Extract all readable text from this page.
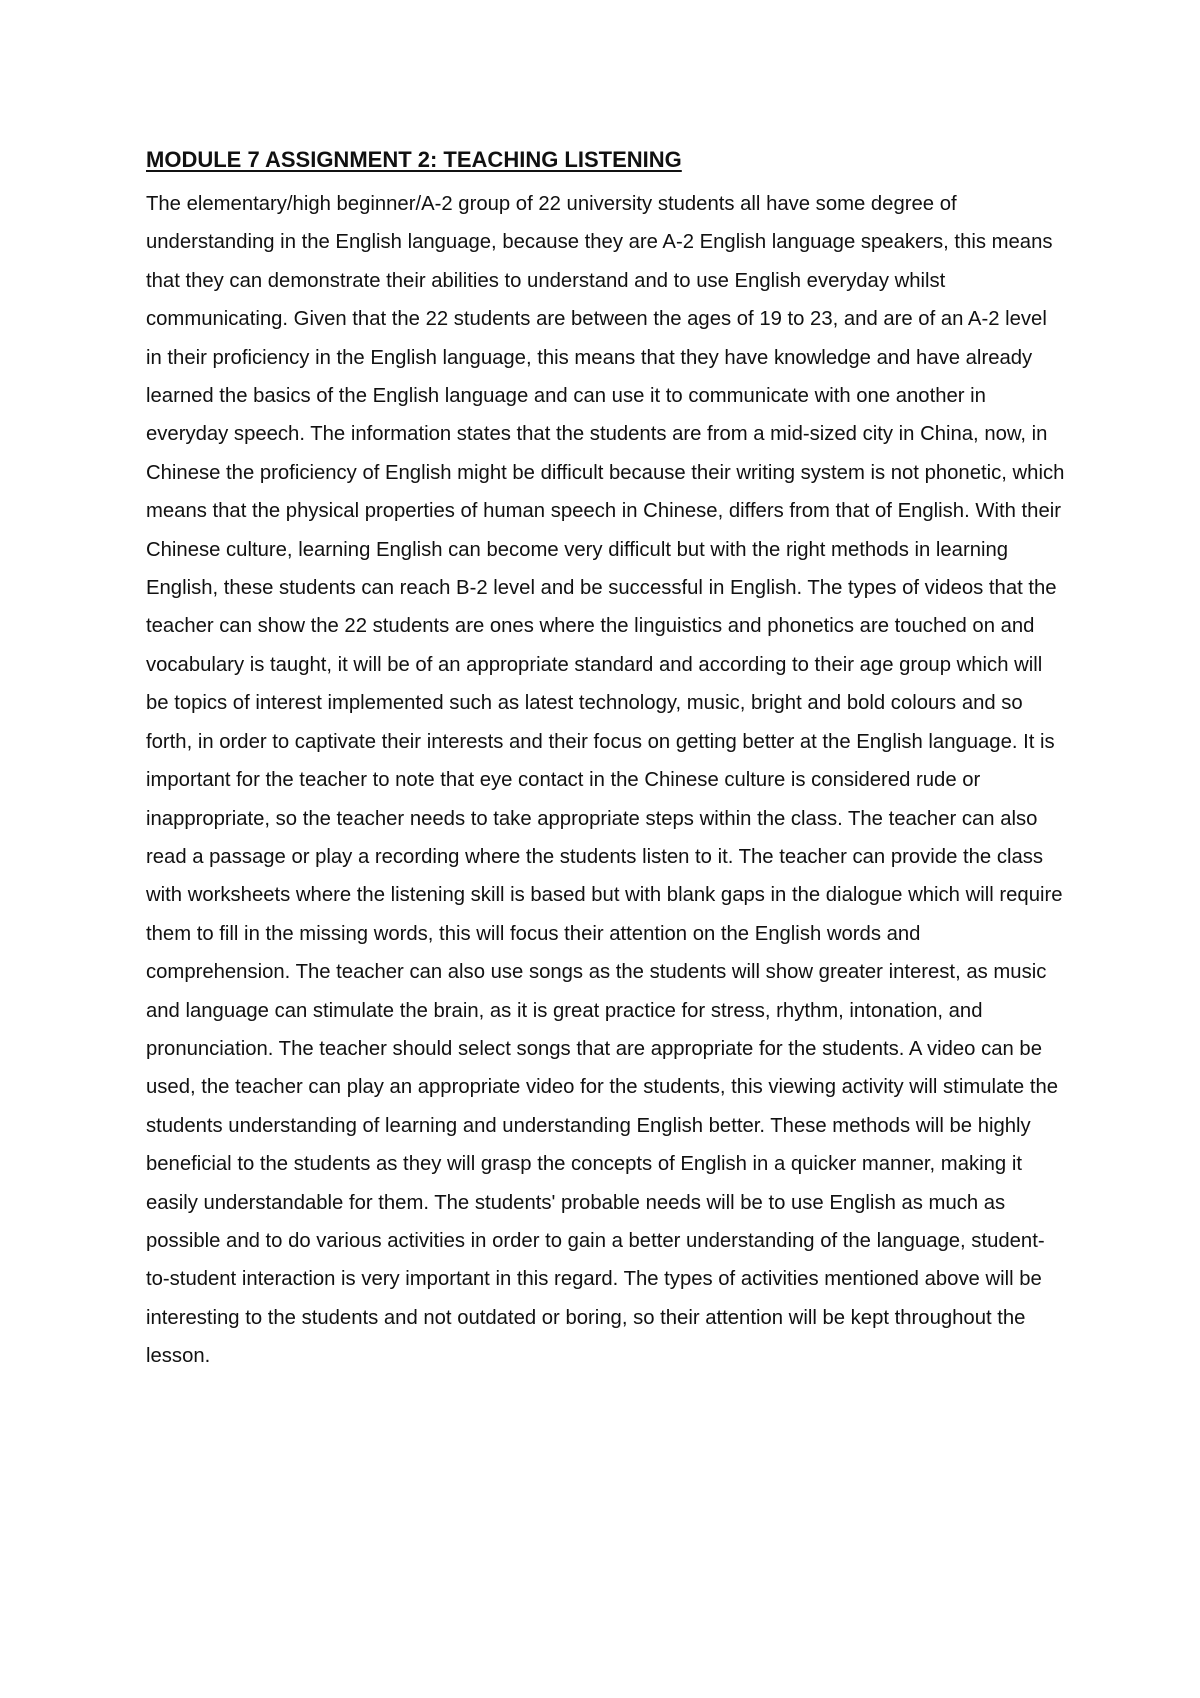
MODULE 7 ASSIGNMENT 2: TEACHING LISTENING

The elementary/high beginner/A-2 group of 22 university students all have some degree of understanding in the English language, because they are A-2 English language speakers, this means that they can demonstrate their abilities to understand and to use English everyday whilst communicating. Given that the 22 students are between the ages of 19 to 23, and are of an A-2 level in their proficiency in the English language, this means that they have knowledge and have already learned the basics of the English language and can use it to communicate with one another in everyday speech. The information states that the students are from a mid-sized city in China, now, in Chinese the proficiency of English might be difficult because their writing system is not phonetic, which means that the physical properties of human speech in Chinese, differs from that of English. With their Chinese culture, learning English can become very difficult but with the right methods in learning English, these students can reach B-2 level and be successful in English. The types of videos that the teacher can show the 22 students are ones where the linguistics and phonetics are touched on and vocabulary is taught, it will be of an appropriate standard and according to their age group which will be topics of interest implemented such as latest technology, music, bright and bold colours and so forth, in order to captivate their interests and their focus on getting better at the English language. It is important for the teacher to note that eye contact in the Chinese culture is considered rude or inappropriate, so the teacher needs to take appropriate steps within the class. The teacher can also read a passage or play a recording where the students listen to it. The teacher can provide the class with worksheets where the listening skill is based but with blank gaps in the dialogue which will require them to fill in the missing words, this will focus their attention on the English words and comprehension. The teacher can also use songs as the students will show greater interest, as music and language can stimulate the brain, as it is great practice for stress, rhythm, intonation, and pronunciation. The teacher should select songs that are appropriate for the students. A video can be used, the teacher can play an appropriate video for the students, this viewing activity will stimulate the students understanding of learning and understanding English better. These methods will be highly beneficial to the students as they will grasp the concepts of English in a quicker manner, making it easily understandable for them. The students' probable needs will be to use English as much as possible and to do various activities in order to gain a better understanding of the language, student-to-student interaction is very important in this regard. The types of activities mentioned above will be interesting to the students and not outdated or boring, so their attention will be kept throughout the lesson.
